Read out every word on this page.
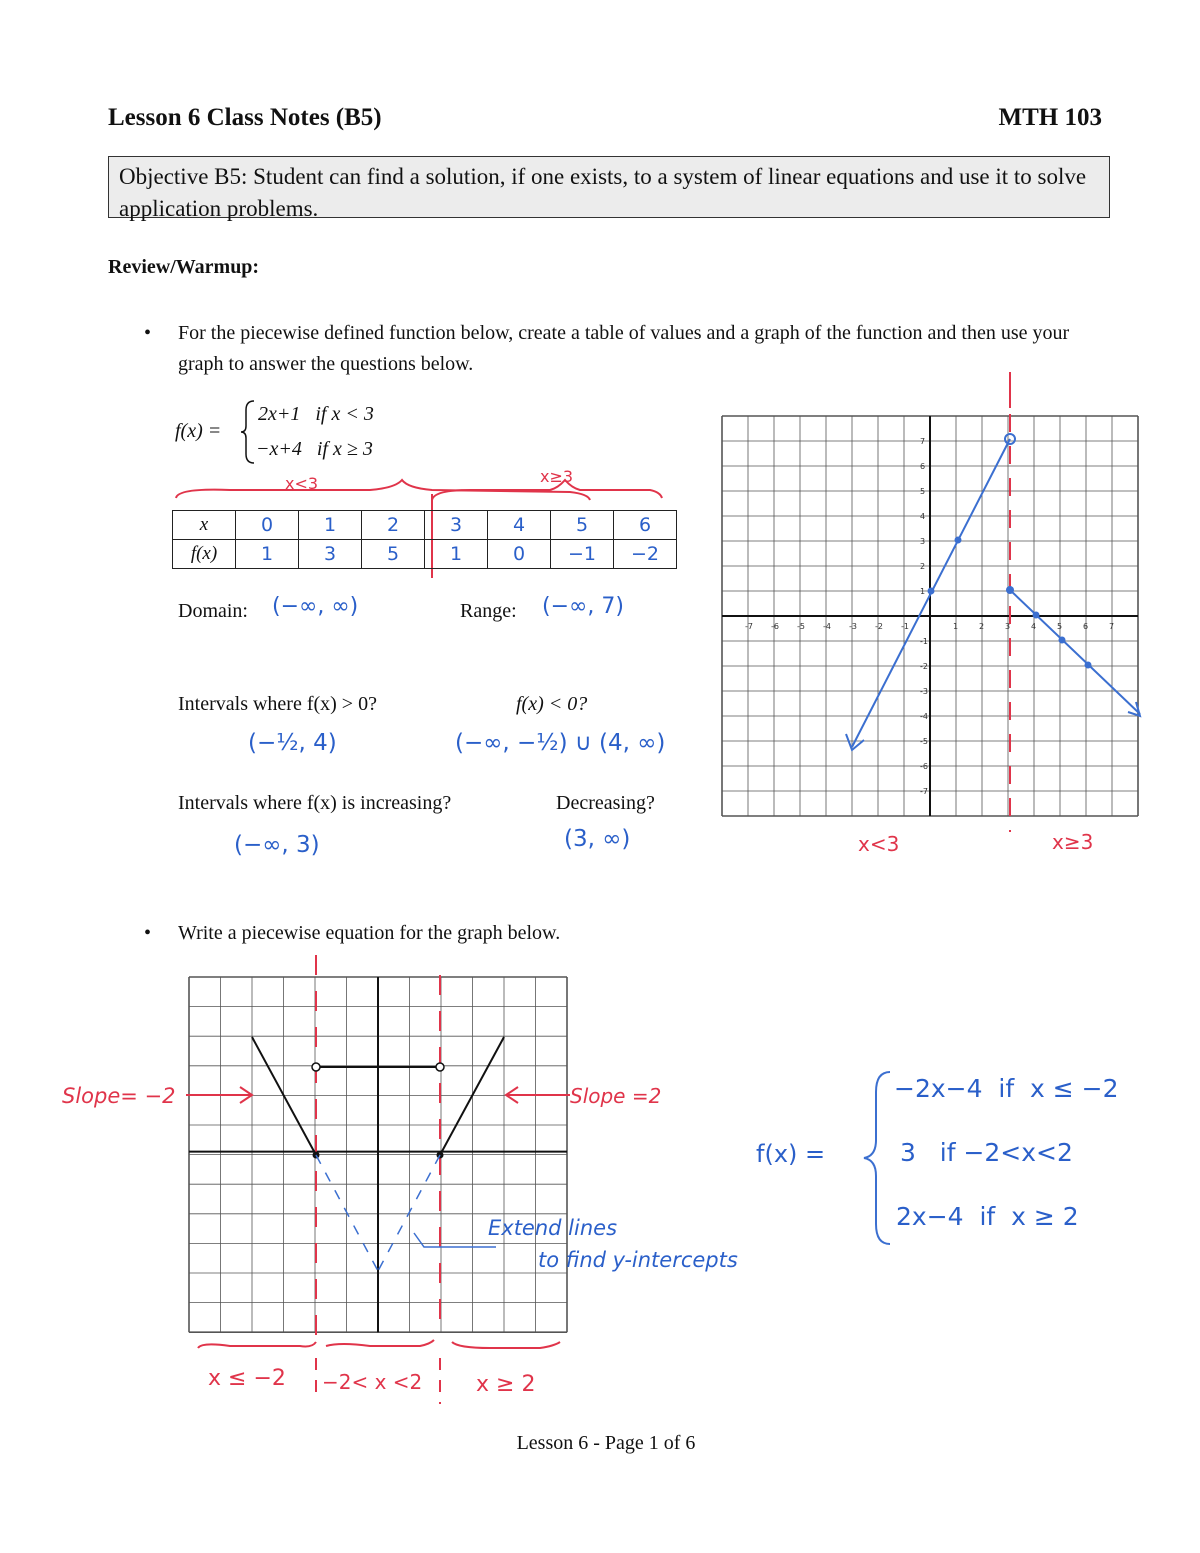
Lesson 6 Class Notes (B5)	MTH 103
Objective B5: Student can find a solution, if one exists, to a system of linear equations and use it to solve application problems.
Review/Warmup:
• For the piecewise defined function below, create a table of values and a graph of the function and then use your graph to answer the questions below.
f(x) =
2x+1   if x < 3
−x+4   if x ≥ 3
x<3	x≥3
x	0	1	2	3	4	5	6
f(x)	1	3	5	1	0	−1	−2
Domain: (−∞, ∞)	Range: (−∞, 7)
Intervals where f(x) > 0?	f(x) < 0?
(−½, 4)	(−∞, −½) ∪ (4, ∞)
Intervals where f(x) is increasing?	Decreasing?
(−∞, 3)	(3, ∞)
-7 -6 -5 -4 -3 -2 -1	1	2	3	4	5	6	7
7
6
5
4
3
2
1
-1
-2
-3
-4
-5
-6
-7
x<3	x≥3
• Write a piecewise equation for the graph below.
Slope= −2	Slope =2
Extend lines
to find y-intercepts
x ≤ −2 −2< x <2 x ≥ 2
f(x) =
−2x−4  if  x ≤ −2
3   if −2<x<2
2x−4  if  x ≥ 2
Lesson 6 - Page 1 of 6
